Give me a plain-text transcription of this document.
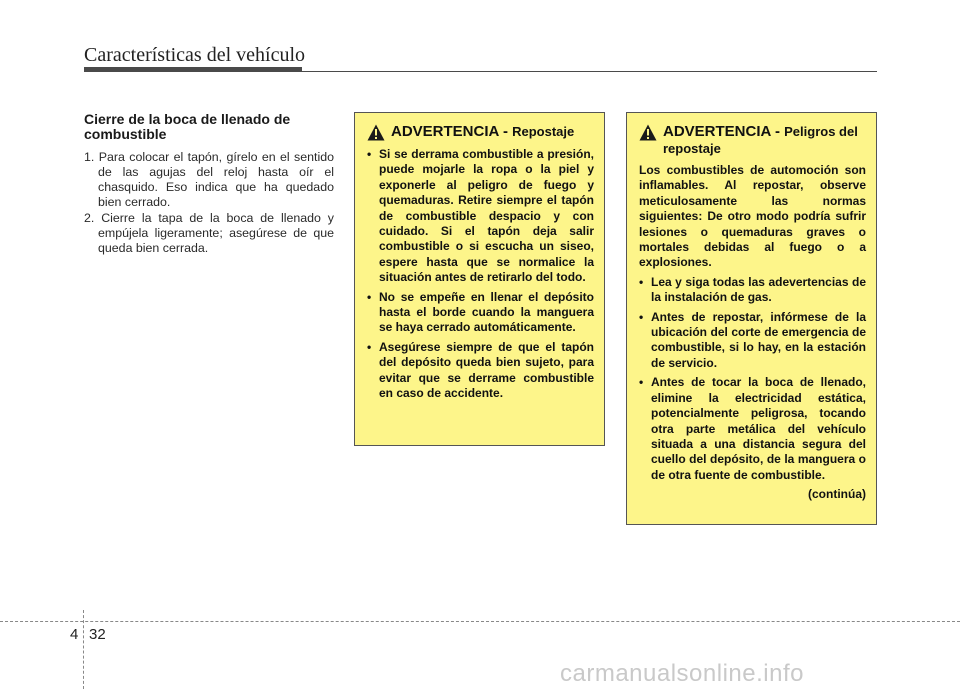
Características del vehículo
Cierre de la boca de llenado de combustible
1. Para colocar el tapón, gírelo en el sentido de las agujas del reloj hasta oír el chasquido. Eso indica que ha quedado bien cerrado.
2. Cierre la tapa de la boca de llenado y empújela ligeramente; asegúrese de que queda bien cerrada.
ADVERTENCIA - Repostaje
• Si se derrama combustible a presión, puede mojarle la ropa o la piel y exponerle al peligro de fuego y quemaduras. Retire siempre el tapón de combustible despacio y con cuidado. Si el tapón deja salir combustible o si escucha un siseo, espere hasta que se normalice la situación antes de retirarlo del todo.
• No se empeñe en llenar el depósito hasta el borde cuando la manguera se haya cerrado automáticamente.
• Asegúrese siempre de que el tapón del depósito queda bien sujeto, para evitar que se derrame combustible en caso de accidente.
ADVERTENCIA - Peligros del repostaje

Los combustibles de automoción son inflamables. Al repostar, observe meticulosamente las normas siguientes: De otro modo podría sufrir lesiones o quemaduras graves o mortales debidas al fuego o a explosiones.

• Lea y siga todas las adevertencias de la instalación de gas.
• Antes de repostar, infórmese de la ubicación del corte de emergencia de combustible, si lo hay, en la estación de servicio.
• Antes de tocar la boca de llenado, elimine la electricidad estática, potencialmente peligrosa, tocando otra parte metálica del vehículo situada a una distancia segura del cuello del depósito, de la manguera o de otra fuente de combustible.
(continúa)
4 32
carmanualsonline.info
